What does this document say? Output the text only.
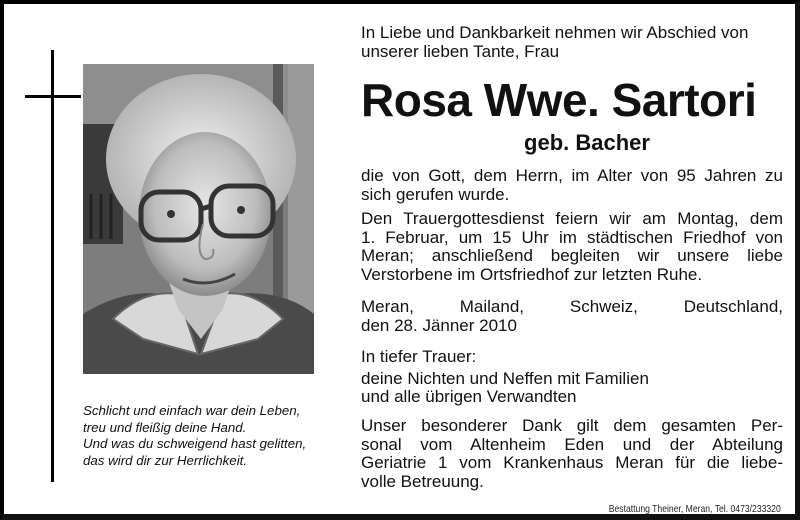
Schlicht und einfach war dein Leben,
treu und fleißig deine Hand.
Und was du schweigend hast gelitten,
das wird dir zur Herrlichkeit.
In Liebe und Dankbarkeit nehmen wir Abschied von
unserer lieben Tante, Frau
Rosa Wwe. Sartori
geb. Bacher
die von Gott, dem Herrn, im Alter von 95 Jahren zu
sich gerufen wurde.
Den Trauergottesdienst feiern wir am Montag, dem
1. Februar, um 15 Uhr im städtischen Friedhof von
Meran; anschließend begleiten wir unsere liebe
Verstorbene im Ortsfriedhof zur letzten Ruhe.
Meran, Mailand, Schweiz, Deutschland,
den 28. Jänner 2010
In tiefer Trauer:
deine Nichten und Neffen mit Familien
und alle übrigen Verwandten
Unser besonderer Dank gilt dem gesamten Per-
sonal vom Altenheim Eden und der Abteilung
Geriatrie 1 vom Krankenhaus Meran für die liebe-
volle Betreuung.
Bestattung Theiner, Meran, Tel. 0473/233320
